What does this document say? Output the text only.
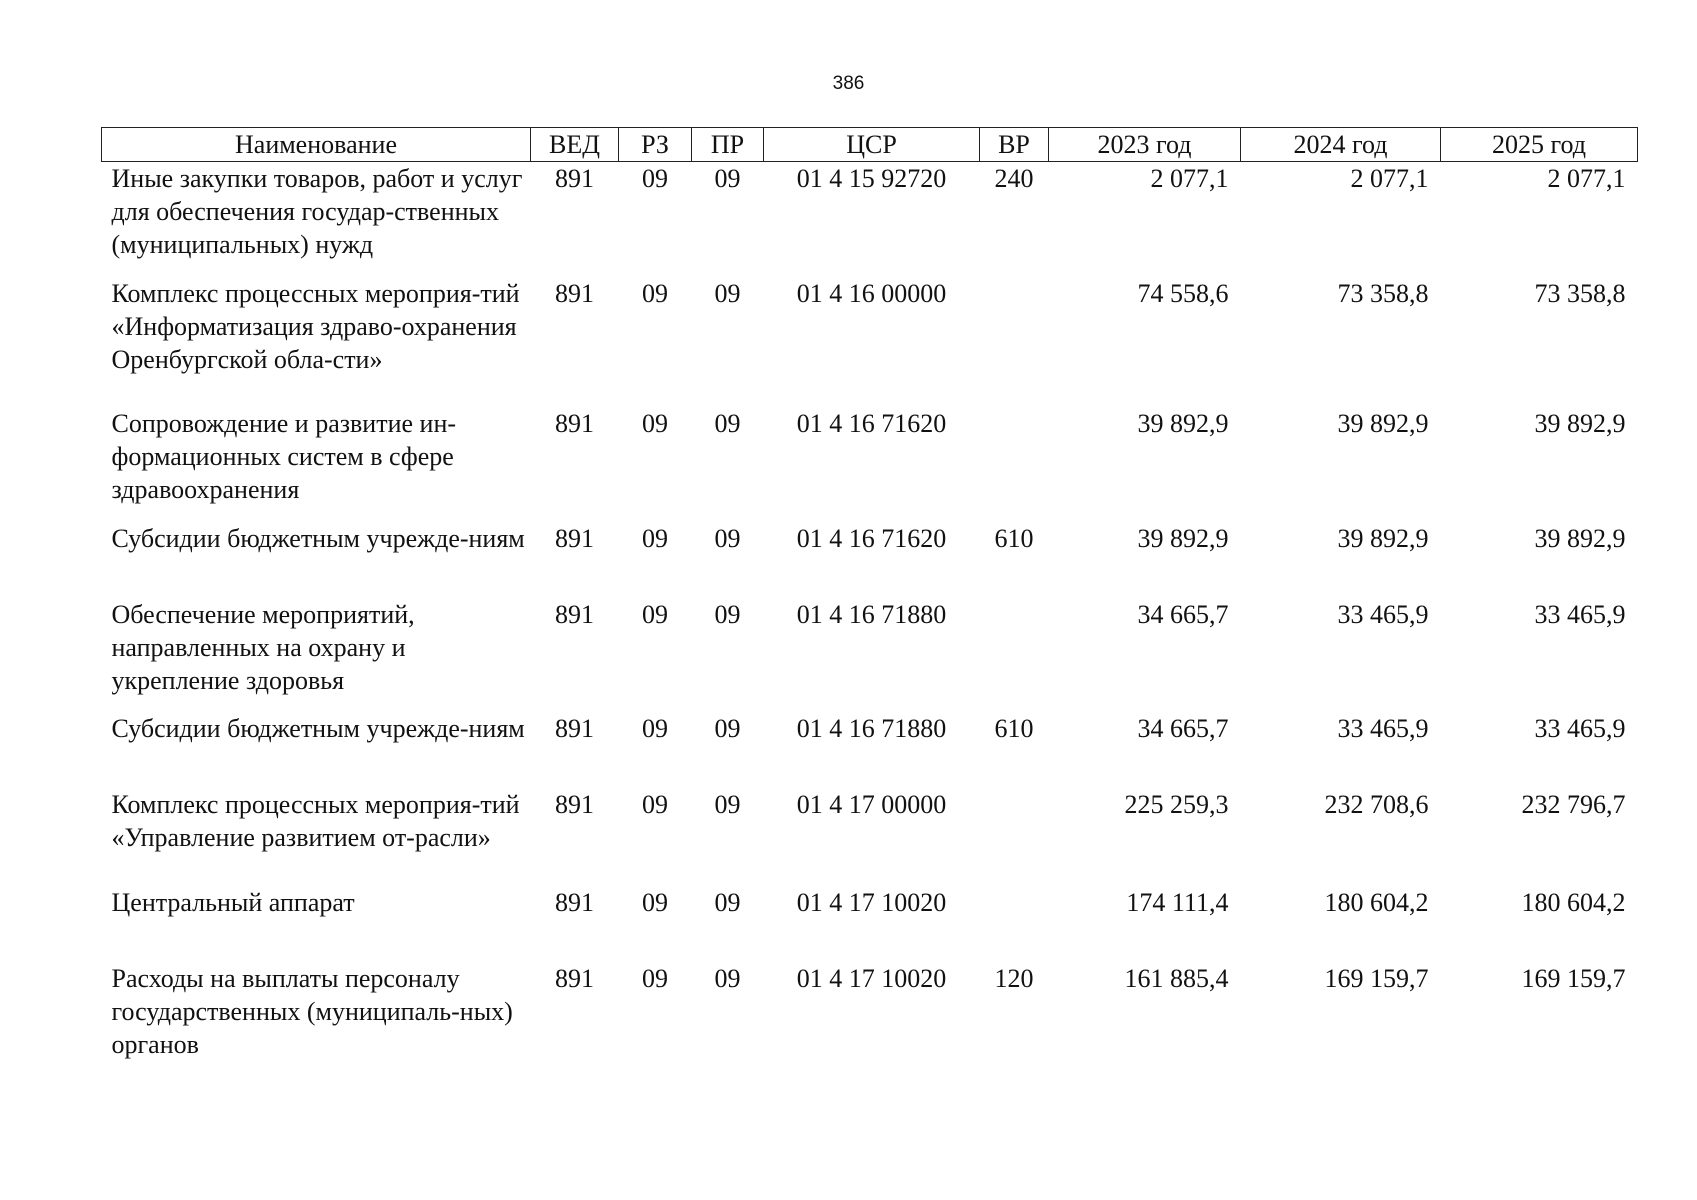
386
Наименование	ВЕД	РЗ	ПР	ЦСР	ВР	2023 год	2024 год	2025 год
Иные закупки товаров, работ и услуг для обеспечения государ-ственных (муниципальных) нужд	891	09	09	01 4 15 92720	240	2 077,1	2 077,1	2 077,1
Комплекс процессных мероприя-тий «Информатизация здраво-охранения Оренбургской обла-сти»	891	09	09	01 4 16 00000		74 558,6	73 358,8	73 358,8
Сопровождение и развитие ин-формационных систем в сфере здравоохранения	891	09	09	01 4 16 71620		39 892,9	39 892,9	39 892,9
Субсидии бюджетным учрежде-ниям	891	09	09	01 4 16 71620	610	39 892,9	39 892,9	39 892,9
Обеспечение мероприятий, направленных на охрану и укрепление здоровья	891	09	09	01 4 16 71880		34 665,7	33 465,9	33 465,9
Субсидии бюджетным учрежде-ниям	891	09	09	01 4 16 71880	610	34 665,7	33 465,9	33 465,9
Комплекс процессных мероприя-тий «Управление развитием от-расли»	891	09	09	01 4 17 00000		225 259,3	232 708,6	232 796,7
Центральный аппарат	891	09	09	01 4 17 10020		174 111,4	180 604,2	180 604,2
Расходы на выплаты персоналу государственных (муниципаль-ных) органов	891	09	09	01 4 17 10020	120	161 885,4	169 159,7	169 159,7
